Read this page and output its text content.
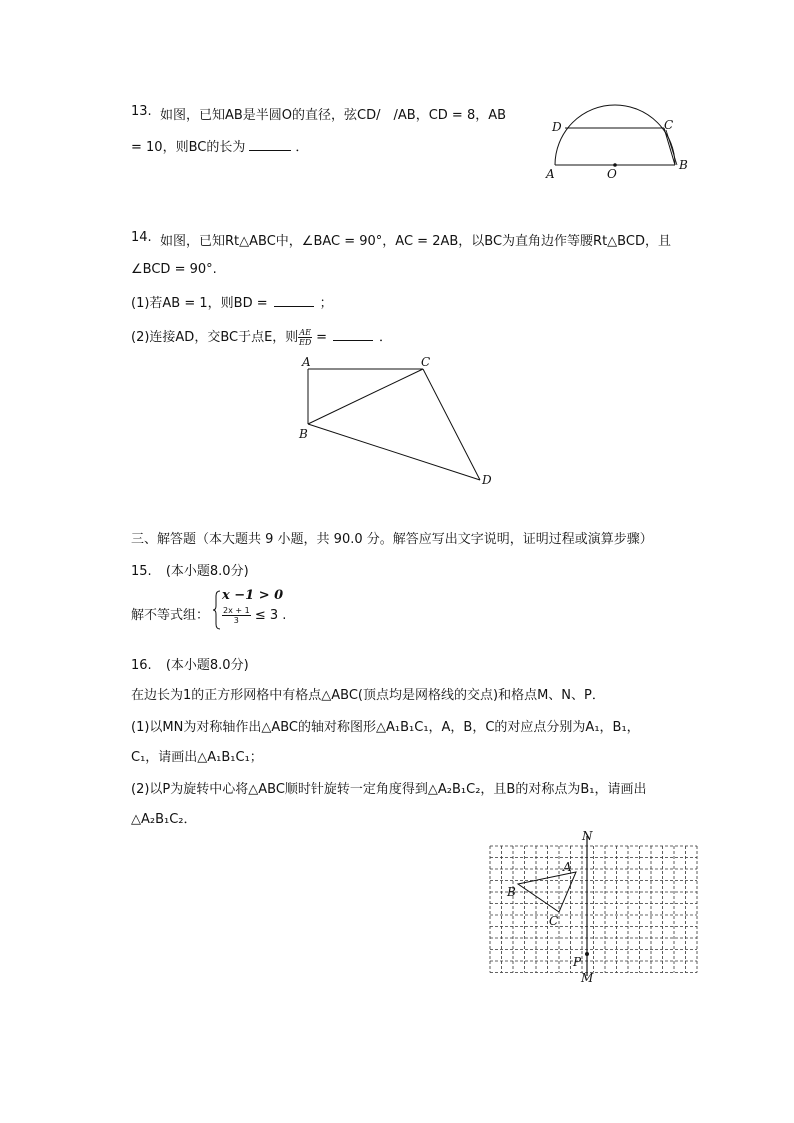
13. 如图，已知AB是半圆O的直径，弦CD/　/AB，CD = 8，AB
= 10，则BC的长为	．
D	C
A	O
B
14. 如图，已知Rt△ABC中，∠BAC = 90°，AC = 2AB，以BC为直角边作等腰Rt△BCD，且
∠BCD = 90°.
(1)若AB = 1，则BD =	；
(2)连接AD，交BC于点E，则 $\frac{AE}{ED}$ =	．
A	C
B
D
三、解答题（本大题共 9 小题，共 90.0 分。解答应写出文字说明，证明过程或演算步骤）
15. (本小题8.0分)
解不等式组：
x −1 > 0
$\frac{2x + 1}{3} \le 3$ .
16. (本小题8.0分)
在边长为1的正方形网格中有格点△ABC(顶点均是网格线的交点)和格点M、N、P．
(1)以MN为对称轴作出△ABC的轴对称图形△A₁B₁C₁，A，B，C的对应点分别为A₁，B₁，
C₁，请画出△A₁B₁C₁；
(2)以P为旋转中心将△ABC顺时针旋转一定角度得到△A₂B₁C₂，且B的对称点为B₁，请画出
△A₂B₁C₂．
N
A
B
C
P
M
